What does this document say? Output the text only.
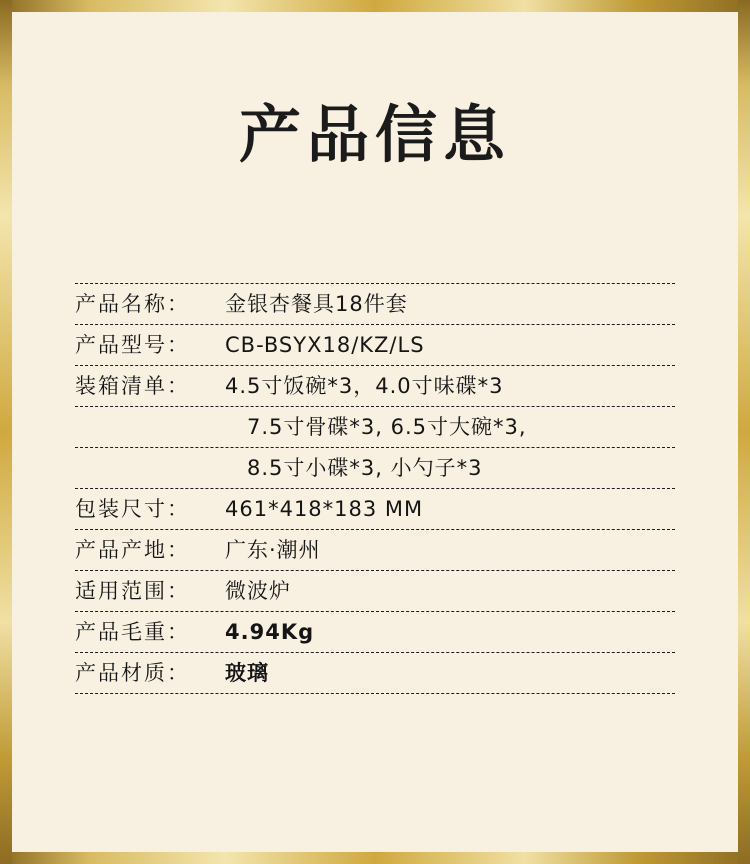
产品信息
产品名称：	金银杏餐具18件套
产品型号：	CB-BSYX18/KZ/LS
装箱清单：	4.5寸饭碗*3，4.0寸味碟*3
7.5寸骨碟*3, 6.5寸大碗*3,
8.5寸小碟*3, 小勺子*3
包装尺寸：	461*418*183 MM
产品产地：	广东·潮州
适用范围：	微波炉
产品毛重：	4.94Kg
产品材质：	玻璃
